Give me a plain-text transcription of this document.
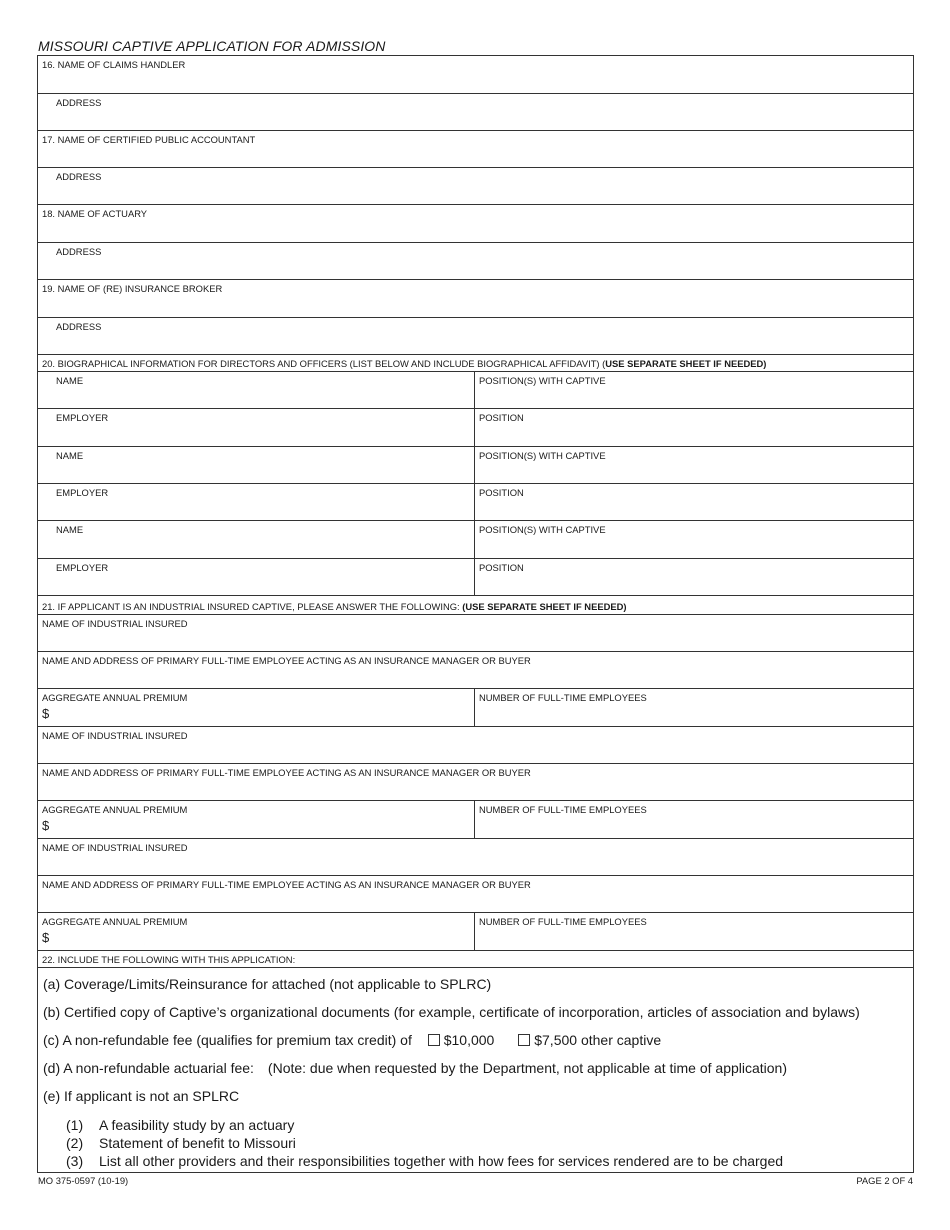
MISSOURI CAPTIVE APPLICATION FOR ADMISSION
16. NAME OF CLAIMS HANDLER
ADDRESS
17. NAME OF CERTIFIED PUBLIC ACCOUNTANT
ADDRESS
18. NAME OF ACTUARY
ADDRESS
19. NAME OF (RE) INSURANCE BROKER
ADDRESS
20. BIOGRAPHICAL INFORMATION FOR DIRECTORS AND OFFICERS (LIST BELOW AND INCLUDE BIOGRAPHICAL AFFIDAVIT) (USE SEPARATE SHEET IF NEEDED)
NAME	POSITION(S) WITH CAPTIVE
EMPLOYER	POSITION
NAME	POSITION(S) WITH CAPTIVE
EMPLOYER	POSITION
NAME	POSITION(S) WITH CAPTIVE
EMPLOYER	POSITION
21. IF APPLICANT IS AN INDUSTRIAL INSURED CAPTIVE, PLEASE ANSWER THE FOLLOWING: (USE SEPARATE SHEET IF NEEDED)
NAME OF INDUSTRIAL INSURED
NAME AND ADDRESS OF PRIMARY FULL-TIME EMPLOYEE ACTING AS AN INSURANCE MANAGER OR BUYER
AGGREGATE ANNUAL PREMIUM
$
NUMBER OF FULL-TIME EMPLOYEES
NAME OF INDUSTRIAL INSURED
NAME AND ADDRESS OF PRIMARY FULL-TIME EMPLOYEE ACTING AS AN INSURANCE MANAGER OR BUYER
AGGREGATE ANNUAL PREMIUM
$
NUMBER OF FULL-TIME EMPLOYEES
NAME OF INDUSTRIAL INSURED
NAME AND ADDRESS OF PRIMARY FULL-TIME EMPLOYEE ACTING AS AN INSURANCE MANAGER OR BUYER
AGGREGATE ANNUAL PREMIUM
$
NUMBER OF FULL-TIME EMPLOYEES
22. INCLUDE THE FOLLOWING WITH THIS APPLICATION:
(a) Coverage/Limits/Reinsurance for attached (not applicable to SPLRC)
(b) Certified copy of Captive’s organizational documents (for example, certificate of incorporation, articles of association and bylaws)
(c) A non-refundable fee (qualifies for premium tax credit) of $10,000	$7,500 other captive
(d) A non-refundable actuarial fee: (Note: due when requested by the Department, not applicable at time of application)
(e) If applicant is not an SPLRC
(1) A feasibility study by an actuary
(2) Statement of benefit to Missouri
(3) List all other providers and their responsibilities together with how fees for services rendered are to be charged
MO 375-0597 (10-19)	PAGE 2 OF 4
